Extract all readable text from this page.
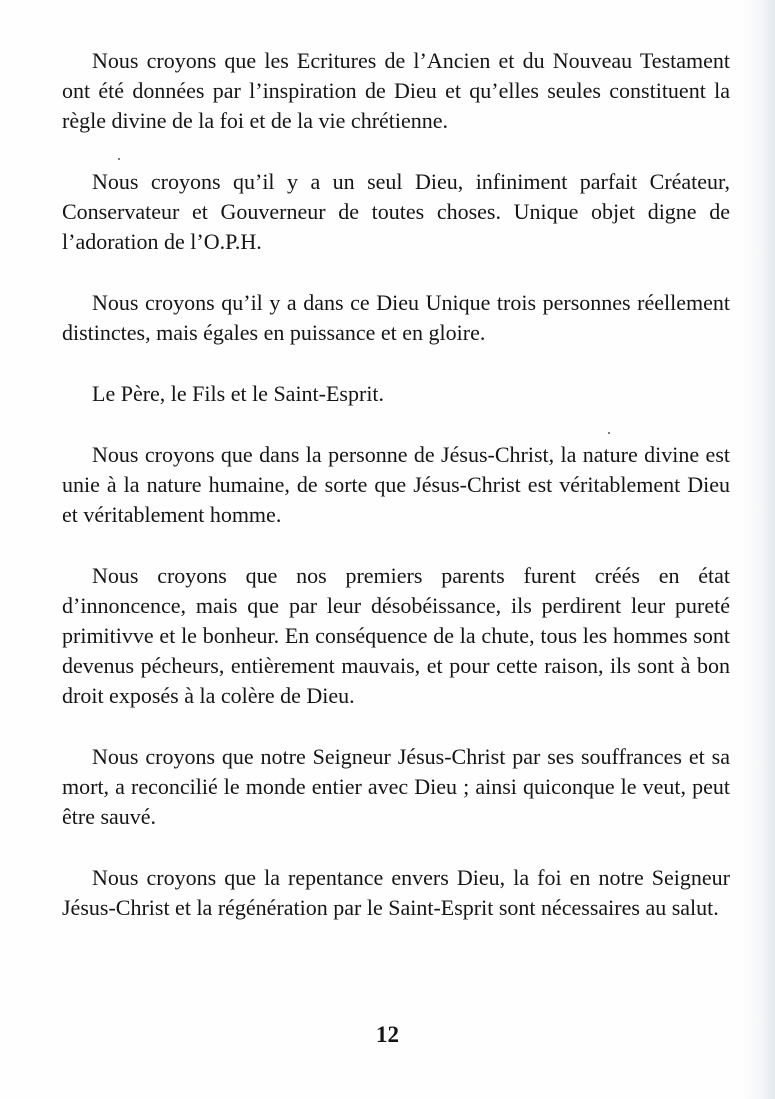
Nous croyons que les Ecritures de l’Ancien et du Nouveau Testament ont été données par l’inspiration de Dieu et qu’elles seules constituent la règle divine de la foi et de la vie chrétienne.

Nous croyons qu’il y a un seul Dieu, infiniment parfait Créateur, Conservateur et Gouverneur de toutes choses. Unique objet digne de l’adoration de l’O.P.H.

Nous croyons qu’il y a dans ce Dieu Unique trois personnes réellement distinctes, mais égales en puissance et en gloire.

Le Père, le Fils et le Saint-Esprit.

Nous croyons que dans la personne de Jésus-Christ, la nature divine est unie à la nature humaine, de sorte que Jésus-Christ est véritablement Dieu et véritablement homme.

Nous croyons que nos premiers parents furent créés en état d’innoncence, mais que par leur désobéissance, ils perdirent leur pureté primitivve et le bonheur. En conséquence de la chute, tous les hommes sont devenus pécheurs, entièrement mauvais, et pour cette raison, ils sont à bon droit exposés à la colère de Dieu.

Nous croyons que notre Seigneur Jésus-Christ par ses souffrances et sa mort, a reconcilié le monde entier avec Dieu ; ainsi quiconque le veut, peut être sauvé.

Nous croyons que la repentance envers Dieu, la foi en notre Seigneur Jésus-Christ et la régénération par le Saint-Esprit sont nécessaires au salut.

12
